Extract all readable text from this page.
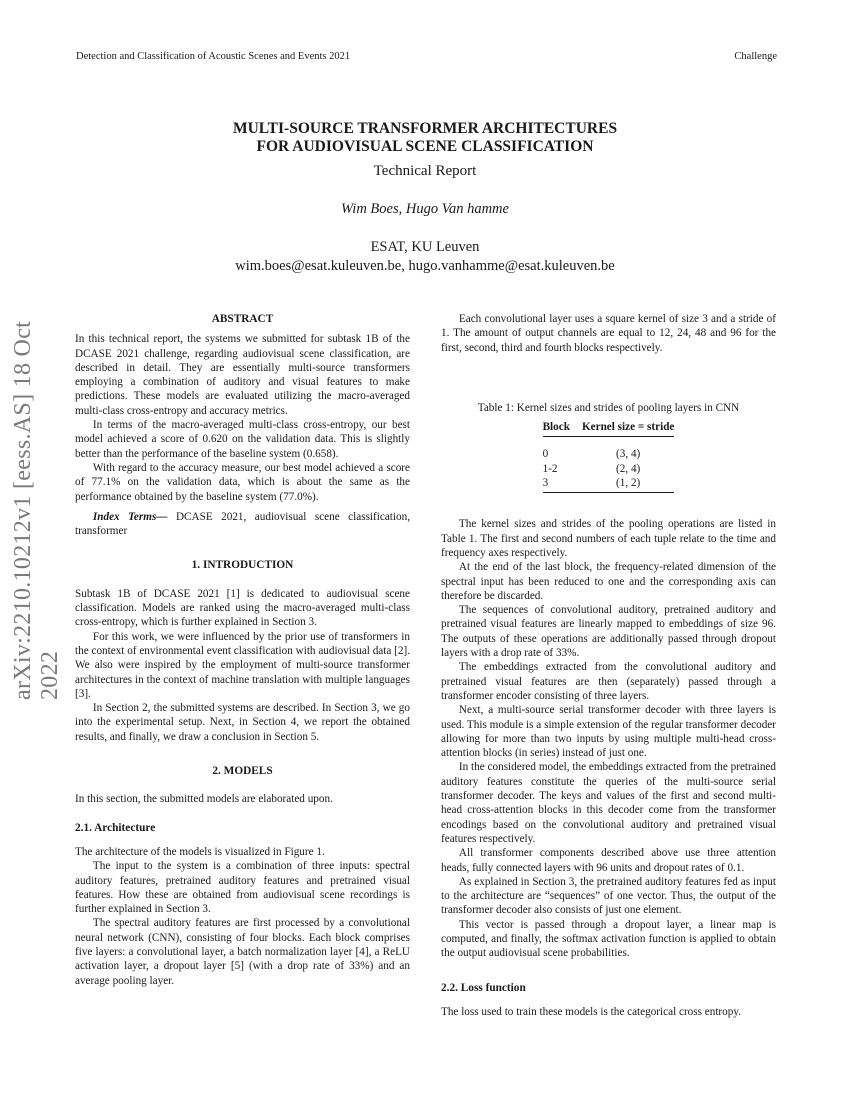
Detection and Classification of Acoustic Scenes and Events 2021	Challenge
MULTI-SOURCE TRANSFORMER ARCHITECTURES
FOR AUDIOVISUAL SCENE CLASSIFICATION
Technical Report
Wim Boes, Hugo Van hamme
ESAT, KU Leuven
wim.boes@esat.kuleuven.be, hugo.vanhamme@esat.kuleuven.be
arXiv:2210.10212v1 [eess.AS] 18 Oct 2022
ABSTRACT

In this technical report, the systems we submitted for subtask 1B of the DCASE 2021 challenge, regarding audiovisual scene classification, are described in detail. They are essentially multi-source transformers employing a combination of auditory and visual features to make predictions. These models are evaluated utilizing the macro-averaged multi-class cross-entropy and accuracy metrics.

In terms of the macro-averaged multi-class cross-entropy, our best model achieved a score of 0.620 on the validation data. This is slightly better than the performance of the baseline system (0.658).

With regard to the accuracy measure, our best model achieved a score of 77.1% on the validation data, which is about the same as the performance obtained by the baseline system (77.0%).

Index Terms— DCASE 2021, audiovisual scene classification, transformer

1. INTRODUCTION

Subtask 1B of DCASE 2021 [1] is dedicated to audiovisual scene classification. Models are ranked using the macro-averaged multi-class cross-entropy, which is further explained in Section 3.

For this work, we were influenced by the prior use of transformers in the context of environmental event classification with audiovisual data [2]. We also were inspired by the employment of multi-source transformer architectures in the context of machine translation with multiple languages [3].

In Section 2, the submitted systems are described. In Section 3, we go into the experimental setup. Next, in Section 4, we report the obtained results, and finally, we draw a conclusion in Section 5.

2. MODELS

In this section, the submitted models are elaborated upon.

2.1. Architecture

The architecture of the models is visualized in Figure 1.

The input to the system is a combination of three inputs: spectral auditory features, pretrained auditory features and pretrained visual features. How these are obtained from audiovisual scene recordings is further explained in Section 3.

The spectral auditory features are first processed by a convolutional neural network (CNN), consisting of four blocks. Each block comprises five layers: a convolutional layer, a batch normalization layer [4], a ReLU activation layer, a dropout layer [5] (with a drop rate of 33%) and an average pooling layer.

Each convolutional layer uses a square kernel of size 3 and a stride of 1. The amount of output channels are equal to 12, 24, 48 and 96 for the first, second, third and fourth blocks respectively.

Table 1: Kernel sizes and strides of pooling layers in CNN
Block	Kernel size = stride
0	(3, 4)
1-2	(2, 4)
3	(1, 2)

The kernel sizes and strides of the pooling operations are listed in Table 1. The first and second numbers of each tuple relate to the time and frequency axes respectively.

At the end of the last block, the frequency-related dimension of the spectral input has been reduced to one and the corresponding axis can therefore be discarded.

The sequences of convolutional auditory, pretrained auditory and pretrained visual features are linearly mapped to embeddings of size 96. The outputs of these operations are additionally passed through dropout layers with a drop rate of 33%.

The embeddings extracted from the convolutional auditory and pretrained visual features are then (separately) passed through a transformer encoder consisting of three layers.

Next, a multi-source serial transformer decoder with three layers is used. This module is a simple extension of the regular transformer decoder allowing for more than two inputs by using multiple multi-head cross-attention blocks (in series) instead of just one.

In the considered model, the embeddings extracted from the pretrained auditory features constitute the queries of the multi-source serial transformer decoder. The keys and values of the first and second multi-head cross-attention blocks in this decoder come from the transformer encodings based on the convolutional auditory and pretrained visual features respectively.

All transformer components described above use three attention heads, fully connected layers with 96 units and dropout rates of 0.1.

As explained in Section 3, the pretrained auditory features fed as input to the architecture are “sequences” of one vector. Thus, the output of the transformer decoder also consists of just one element.

This vector is passed through a dropout layer, a linear map is computed, and finally, the softmax activation function is applied to obtain the output audiovisual scene probabilities.

2.2. Loss function

The loss used to train these models is the categorical cross entropy.
